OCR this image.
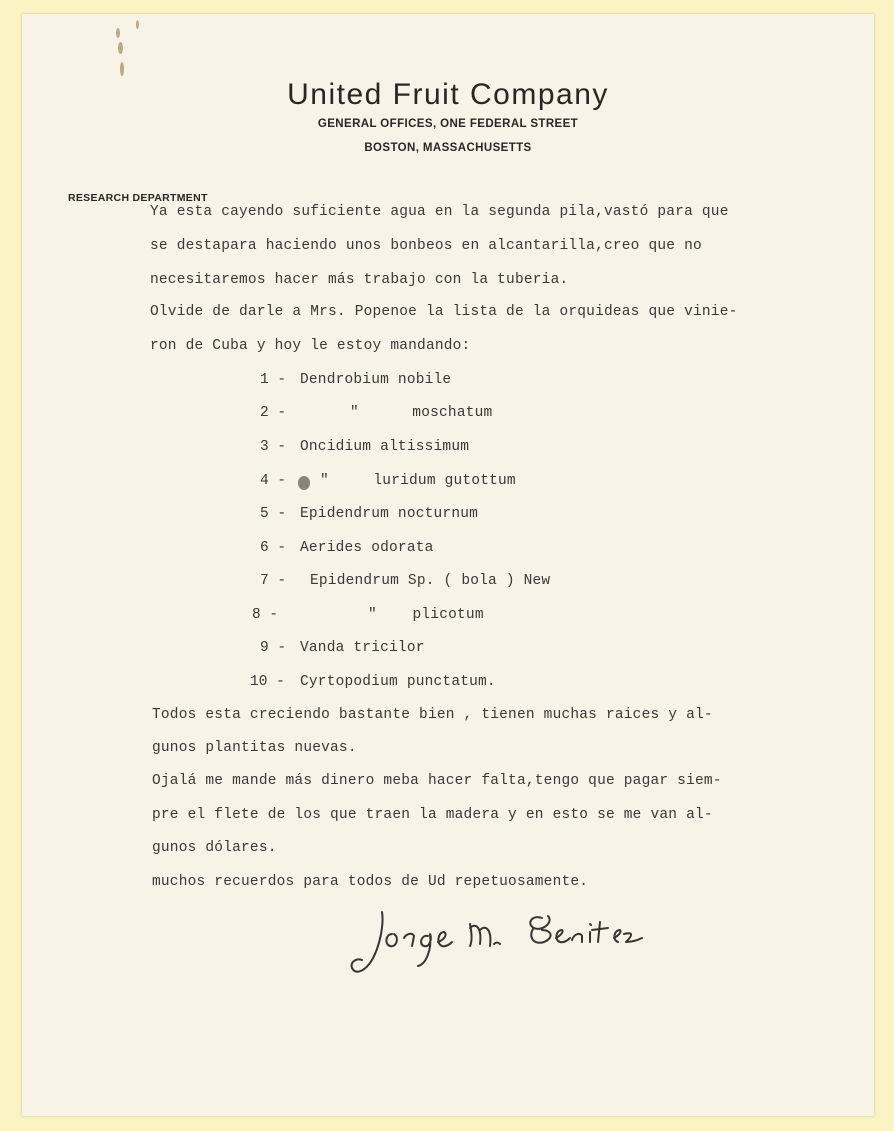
United Fruit Company
GENERAL OFFICES, ONE FEDERAL STREET
BOSTON, MASSACHUSETTS
RESEARCH DEPARTMENT
Ya esta cayendo suficiente agua en la segunda pila,vastó para que
se destapara haciendo unos bonbeos en alcantarilla,creo que no
necesitaremos hacer más trabajo con la tuberia.
Olvide de darle a Mrs. Popenoe la lista de la orquideas que vinie-
ron de Cuba y hoy le estoy mandando:
1 - Dendrobium nobile
2 -	"      moschatum
3 - Oncidium altissimum
4 - "     luridum gutottum
5 - Epidendrum nocturnum
6 - Aerides odorata
7 - Epidendrum Sp. ( bola ) New
8 -	"    plicotum
9 - Vanda tricilor
10 - Cyrtopodium punctatum.
Todos esta creciendo bastante bien , tienen muchas raices y al-
gunos plantitas nuevas.
Ojalá me mande más dinero meba hacer falta,tengo que pagar siem-
pre el flete de los que traen la madera y en esto se me van al-
gunos dólares.
muchos recuerdos para todos de Ud repetuosamente.
